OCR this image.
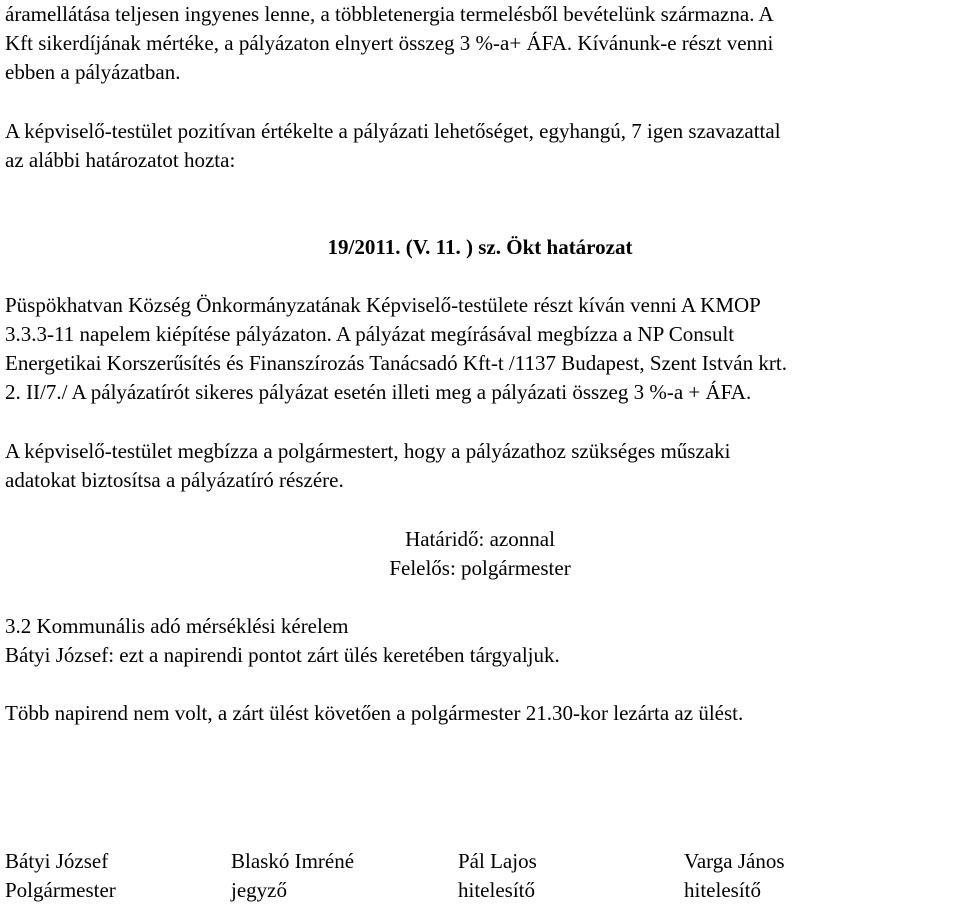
áramellátása teljesen ingyenes lenne, a többletenergia termelésből bevételünk származna. A
Kft sikerdíjának mértéke, a pályázaton elnyert összeg 3 %-a+ ÁFA. Kívánunk-e részt venni
ebben a pályázatban.
A képviselő-testület pozitívan értékelte a pályázati lehetőséget, egyhangú, 7 igen szavazattal
az alábbi határozatot hozta:
19/2011. (V. 11. ) sz. Ökt határozat
Püspökhatvan Község Önkormányzatának Képviselő-testülete részt kíván venni A KMOP
3.3.3-11 napelem kiépítése pályázaton. A pályázat megírásával megbízza a NP Consult
Energetikai Korszerűsítés és Finanszírozás Tanácsadó Kft-t /1137 Budapest, Szent István krt.
2. II/7./ A pályázatírót sikeres pályázat esetén illeti meg a pályázati összeg 3 %-a + ÁFA.
A képviselő-testület megbízza a polgármestert, hogy a pályázathoz szükséges műszaki
adatokat biztosítsa a pályázatíró részére.
Határidő: azonnal
Felelős: polgármester
3.2 Kommunális adó mérséklési kérelem
Bátyi József: ezt a napirendi pontot zárt ülés keretében tárgyaljuk.
Több napirend nem volt, a zárt ülést követően a polgármester 21.30-kor lezárta az ülést.
Bátyi József
Polgármester
Blaskó Imréné
jegyző
Pál Lajos
hitelesítő
Varga János
hitelesítő
